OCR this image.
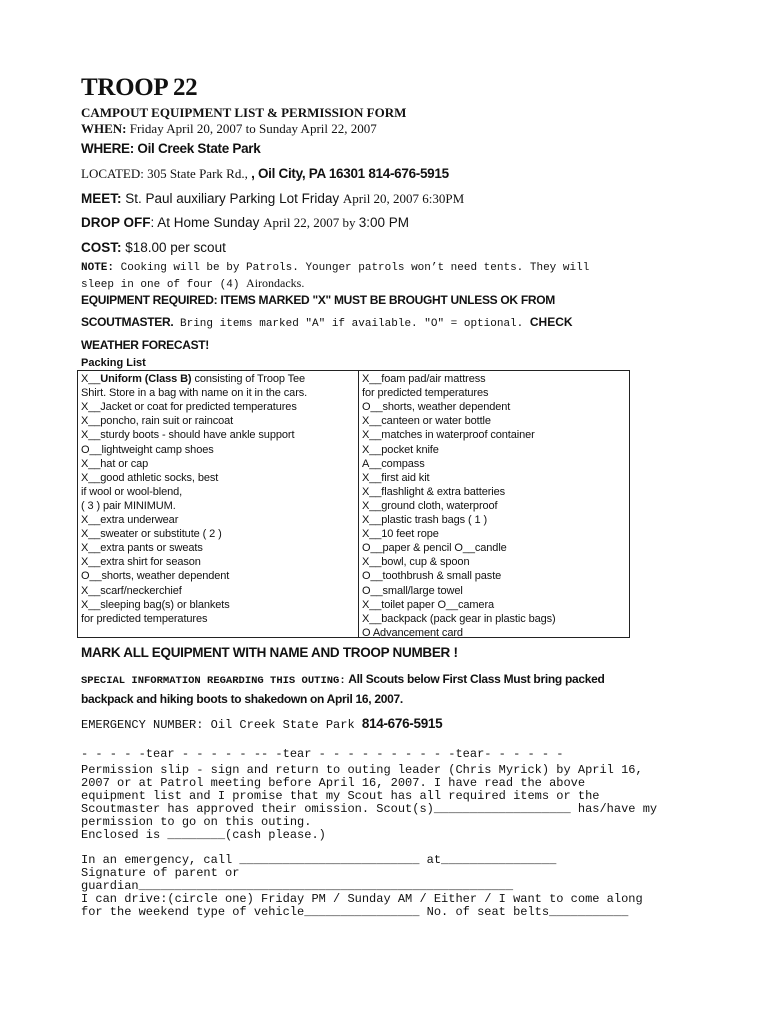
TROOP 22
CAMPOUT EQUIPMENT LIST & PERMISSION FORM
WHEN: Friday April 20, 2007 to Sunday April 22, 2007
WHERE: Oil Creek State Park
LOCATED: 305 State Park Rd., , Oil City, PA 16301 814-676-5915
MEET: St. Paul auxiliary Parking Lot Friday April 20, 2007 6:30PM
DROP OFF: At Home Sunday April 22, 2007 by 3:00 PM
COST: $18.00 per scout
NOTE: Cooking will be by Patrols. Younger patrols won’t need tents. They will
sleep in one of four (4) Airondacks.
EQUIPMENT REQUIRED: ITEMS MARKED "X" MUST BE BROUGHT UNLESS OK FROM
SCOUTMASTER. Bring items marked "A" if available. "O" = optional. CHECK
WEATHER FORECAST!
Packing List
X__Uniform (Class B) consisting of Troop Tee
Shirt. Store in a bag with name on it in the cars.
X__Jacket or coat for predicted temperatures
X__poncho, rain suit or raincoat
X__sturdy boots - should have ankle support
O__lightweight camp shoes
X__hat or cap
X__good athletic socks, best
if wool or wool-blend,
( 3 ) pair MINIMUM.
X__extra underwear
X__sweater or substitute ( 2 )
X__extra pants or sweats
X__extra shirt for season
O__shorts, weather dependent
X__scarf/neckerchief
X__sleeping bag(s) or blankets
for predicted temperatures
X__foam pad/air mattress
for predicted temperatures
O__shorts, weather dependent
X__canteen or water bottle
X__matches in waterproof container
X__pocket knife
A__compass
X__first aid kit
X__flashlight & extra batteries
X__ground cloth, waterproof
X__plastic trash bags ( 1 )
X__10 feet rope
O__paper & pencil O__candle
X__bowl, cup & spoon
O__toothbrush & small paste
O__small/large towel
X__toilet paper O__camera
X__backpack (pack gear in plastic bags)
O Advancement card
MARK ALL EQUIPMENT WITH NAME AND TROOP NUMBER !
SPECIAL INFORMATION REGARDING THIS OUTING: All Scouts below First Class Must bring packed
backpack and hiking boots to shakedown on April 16, 2007.
EMERGENCY NUMBER: Oil Creek State Park 814-676-5915
- - - - -tear - - - - - -- -tear - - - - - - - - - -tear- - - - - -
Permission slip - sign and return to outing leader (Chris Myrick) by April 16,
2007 or at Patrol meeting before April 16, 2007. I have read the above
equipment list and I promise that my Scout has all required items or the
Scoutmaster has approved their omission. Scout(s)___________________ has/have my
permission to go on this outing.
Enclosed is ________(cash please.)
In an emergency, call _________________________ at________________
Signature of parent or
guardian____________________________________________________
I can drive:(circle one) Friday PM / Sunday AM / Either / I want to come along
for the weekend type of vehicle________________ No. of seat belts___________
